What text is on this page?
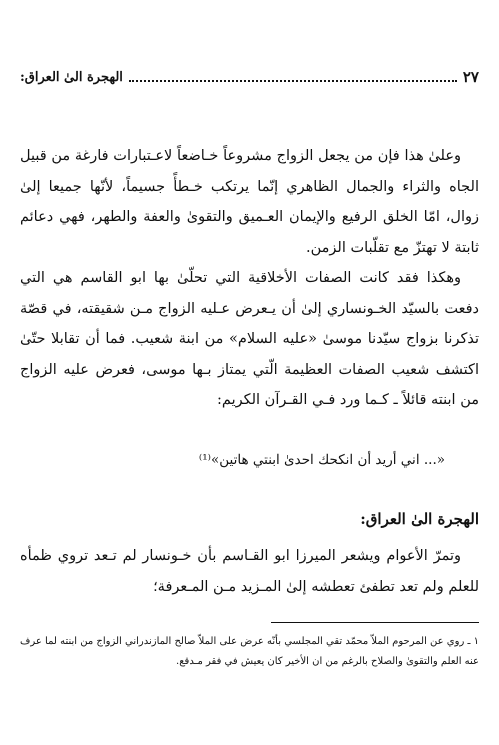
٢٧
الهجرة الىٰ العراق:

وعلىٰ هذا فإن من يجعل الزواج مشروعاً خـاضعاً لاعـتبارات فارغة من قبيل الجاه والثراء والجمال الظاهري إنّما يرتكب خـطأً جسيماً، لأنّها جميعا إلىٰ زوال، امّا الخلق الرفيع والإيمان العـميق والتقوىٰ والعفة والطهر، فهي دعائم ثابتة لا تهتزّ مع تقلّبات الزمن.

وهكذا فقد كانت الصفات الأخلاقية التي تحلّىٰ بها ابو القاسم هي التي دفعت بالسيّد الخـونساري إلىٰ أن يـعرض عـليه الزواج مـن شقيقته، في قصّة تذكرنا بزواج سيّدنا موسىٰ «عليه السلام» من ابنة شعيب. فما أن تقابلا حتّىٰ اكتشف شعيب الصفات العظيمة الّتي يمتاز بـها موسى، فعرض عليه الزواج من ابنته قائلاً ـ كـما ورد فـي القـرآن الكريم:

«... اني أريد أن انكحك احدىٰ ابنتي هاتين»⁽¹⁾
الهجرة الىٰ العراق:

وتمرّ الأعوام ويشعر الميرزا ابو القـاسم بأن خـونسار لم تـعد تروي ظمأه للعلم ولم تعد تطفئ تعطشه إلىٰ المـزيد مـن المـعرفة؛

١ ـ روي عن المرحوم الملاّ محمّد تقي المجلسي بأنّه عرض على الملاّ صالح المازندراني الزواج من ابنته لما عرف عنه العلم والتقوىٰ والصلاح بالرغم من ان الأخير كان يعيش في فقر مـدقع.
